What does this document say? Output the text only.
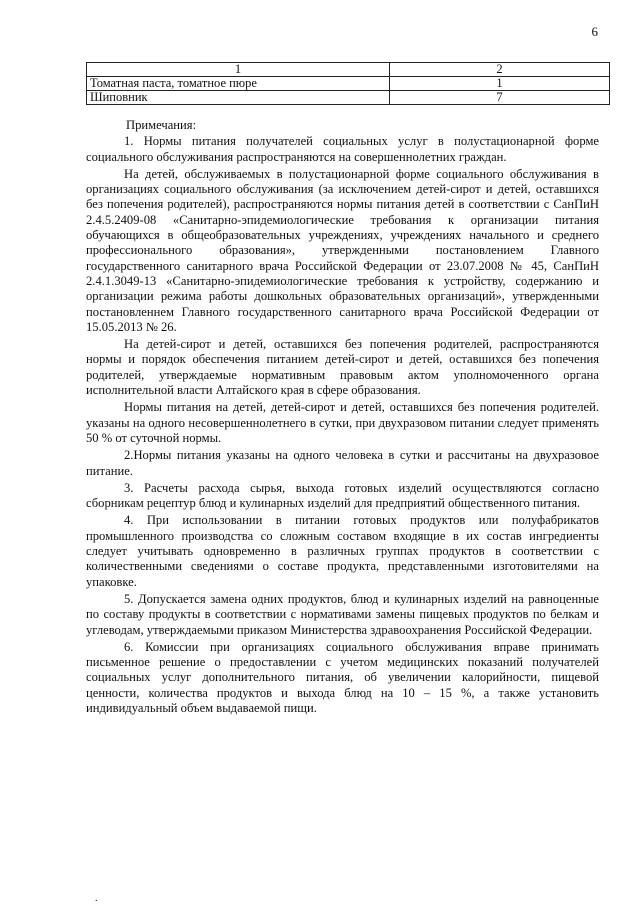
6
1	2
Томатная паста, томатное пюре	1
Шиповник	7
Примечания:

1. Нормы питания получателей социальных услуг в полустационарной форме социального обслуживания распространяются на совершеннолетних граждан.

На детей, обслуживаемых в полустационарной форме социального обслуживания в организациях социального обслуживания (за исключением детей-сирот и детей, оставшихся без попечения родителей), распространяются нормы питания детей в соответствии с СанПиН 2.4.5.2409-08 «Санитарно-эпидемиологические требования к организации питания обучающихся в общеобразовательных учреждениях, учреждениях начального и среднего профессионального образования», утвержденными постановлением Главного государственного санитарного врача Российской Федерации от 23.07.2008 № 45, СанПиН 2.4.1.3049-13 «Санитарно-эпидемиологические требования к устройству, содержанию и организации режима работы дошкольных образовательных организаций», утвержденными постановленнем Главного государственного санитарного врача Российской Федерации от 15.05.2013 № 26.

На детей-сирот и детей, оставшихся без попечения родителей, распространяются нормы и порядок обеспечения питанием детей-сирот и детей, оставшихся без попечения родителей, утверждаемые нормативным правовым актом уполномоченного органа исполнительной власти Алтайского края в сфере образования.

Нормы питания на детей, детей-сирот и детей, оставшихся без попечения родителей. указаны на одного несовершеннолетнего в сутки, при двухразовом питании следует применять 50 % от суточной нормы.

2.Нормы питания указаны на одного человека в сутки и рассчитаны на двухразовое питание.

3. Расчеты расхода сырья, выхода готовых изделий осуществляются согласно сборникам рецептур блюд и кулинарных изделий для предприятий общественного питания.

4. При использовании в питании готовых продуктов или полуфабрикатов промышленного производства со сложным составом входящие в их состав ингредиенты следует учитывать одновременно в различных группах продуктов в соответствии с количественными сведениями о составе продукта, представленными изготовителями на упаковке.

5. Допускается замена одних продуктов, блюд и кулинарных изделий на равноценные по составу продукты в соответствии с нормативами замены пищевых продуктов по белкам и углеводам, утверждаемыми приказом Министерства здравоохранения Российской Федерации.

6. Комиссии при организациях социального обслуживания вправе принимать письменное решение о предоставлении с учетом медицинских показаний получателей социальных услуг дополнительного питания, об увеличении калорийности, пищевой ценности, количества продуктов и выхода блюд на 10 – 15 %, а также установить индивидуальный объем выдаваемой пищи.

.
